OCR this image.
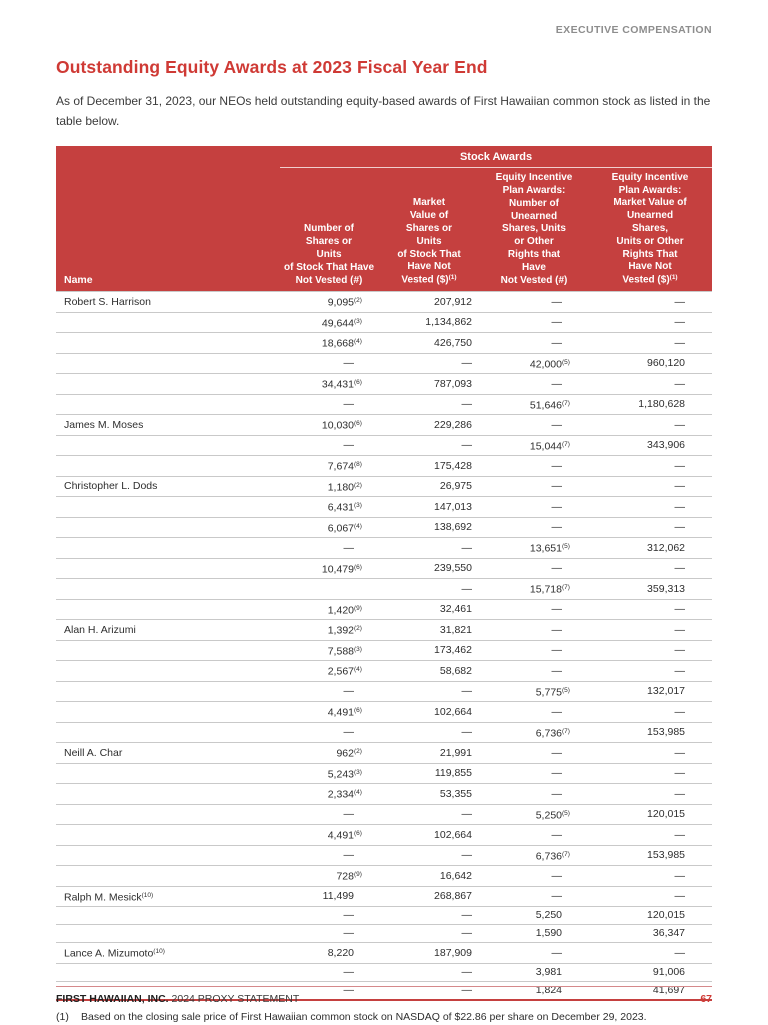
EXECUTIVE COMPENSATION
Outstanding Equity Awards at 2023 Fiscal Year End

As of December 31, 2023, our NEOs held outstanding equity-based awards of First Hawaiian common stock as listed in the table below.

	Stock Awards			
Name	Number of
Shares or
Units
of Stock That Have
Not Vested (#)	Market
Value of
Shares or
Units
of Stock That
Have Not
Vested ($)$^{(1)}$	Equity Incentive
Plan Awards:
Number of
Unearned
Shares, Units
or Other
Rights that
Have
Not Vested (#)	Equity Incentive
Plan Awards:
Market Value of
Unearned
Shares,
Units or Other
Rights That
Have Not
Vested ($)$^{(1)}$
Robert S. Harrison	9,095(2)	207,912	—	—
	49,644(3)	1,134,862	—	—
	18,668(4)	426,750	—	—
	—	—	42,000(5)	960,120
	34,431(6)	787,093	—	—
	—	—	51,646(7)	1,180,628
James M. Moses	10,030(6)	229,286	—	—
	—	—	15,044(7)	343,906
	7,674(8)	175,428	—	—
Christopher L. Dods	1,180(2)	26,975	—	—
	6,431(3)	147,013	—	—
	6,067(4)	138,692	—	—
	—	—	13,651(5)	312,062
	10,479(6)	239,550	—	—
		—	15,718(7)	359,313
	1,420(9)	32,461	—	—
Alan H. Arizumi	1,392(2)	31,821	—	—
	7,588(3)	173,462	—	—
	2,567(4)	58,682	—	—
	—	—	5,775(5)	132,017
	4,491(6)	102,664	—	—
	—	—	6,736(7)	153,985
Neill A. Char	962(2)	21,991	—	—
	5,243(3)	119,855	—	—
	2,334(4)	53,355	—	—
	—	—	5,250(5)	120,015
	4,491(6)	102,664	—	—
	—	—	6,736(7)	153,985
	728(9)	16,642	—	—
Ralph M. Mesick(10)	11,499	268,867	—	—
	—	—	5,250	120,015
	—	—	1,590	36,347
Lance A. Mizumoto(10)	8,220	187,909	—	—
	—	—	3,981	91,006
	—	—	1,824	41,697
(1)	Based on the closing sale price of First Hawaiian common stock on NASDAQ of $22.86 per share on December 29, 2023.
FIRST HAWAIIAN, INC. 2024 PROXY STATEMENT	67
